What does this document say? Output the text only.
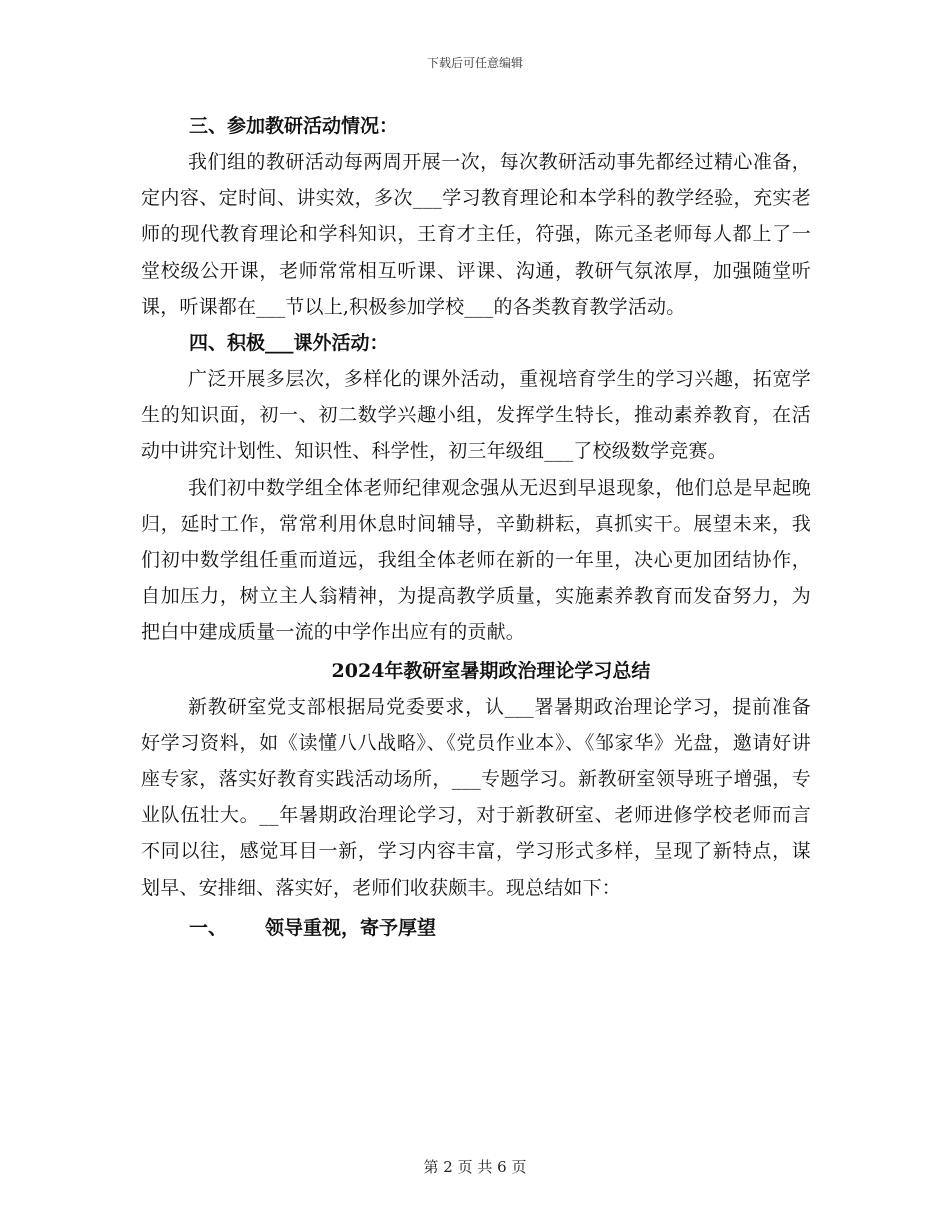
下载后可任意编辑
三、参加教研活动情况：

我们组的教研活动每两周开展一次，每次教研活动事先都经过精心准备，定内容、定时间、讲实效，多次___学习教育理论和本学科的教学经验，充实老师的现代教育理论和学科知识，王育才主任，符强，陈元圣老师每人都上了一堂校级公开课，老师常常相互听课、评课、沟通，教研气氛浓厚，加强随堂听课，听课都在___节以上,积极参加学校___的各类教育教学活动。

四、积极___课外活动：

广泛开展多层次，多样化的课外活动，重视培育学生的学习兴趣，拓宽学生的知识面，初一、初二数学兴趣小组，发挥学生特长，推动素养教育，在活动中讲究计划性、知识性、科学性，初三年级组___了校级数学竞赛。

我们初中数学组全体老师纪律观念强从无迟到早退现象，他们总是早起晚归，延时工作，常常利用休息时间辅导，辛勤耕耘，真抓实干。展望未来，我们初中数学组任重而道远，我组全体老师在新的一年里，决心更加团结协作，自加压力，树立主人翁精神，为提高教学质量，实施素养教育而发奋努力，为把白中建成质量一流的中学作出应有的贡献。

2024年教研室暑期政治理论学习总结

新教研室党支部根据局党委要求，认___署暑期政治理论学习，提前准备好学习资料，如《读懂八八战略》、《党员作业本》、《邹家华》光盘，邀请好讲座专家，落实好教育实践活动场所，___专题学习。新教研室领导班子增强，专业队伍壮大。__年暑期政治理论学习，对于新教研室、老师进修学校老师而言不同以往，感觉耳目一新，学习内容丰富，学习形式多样，呈现了新特点，谋划早、安排细、落实好，老师们收获颇丰。现总结如下：

一、	领导重视，寄予厚望
第 2 页 共 6 页
